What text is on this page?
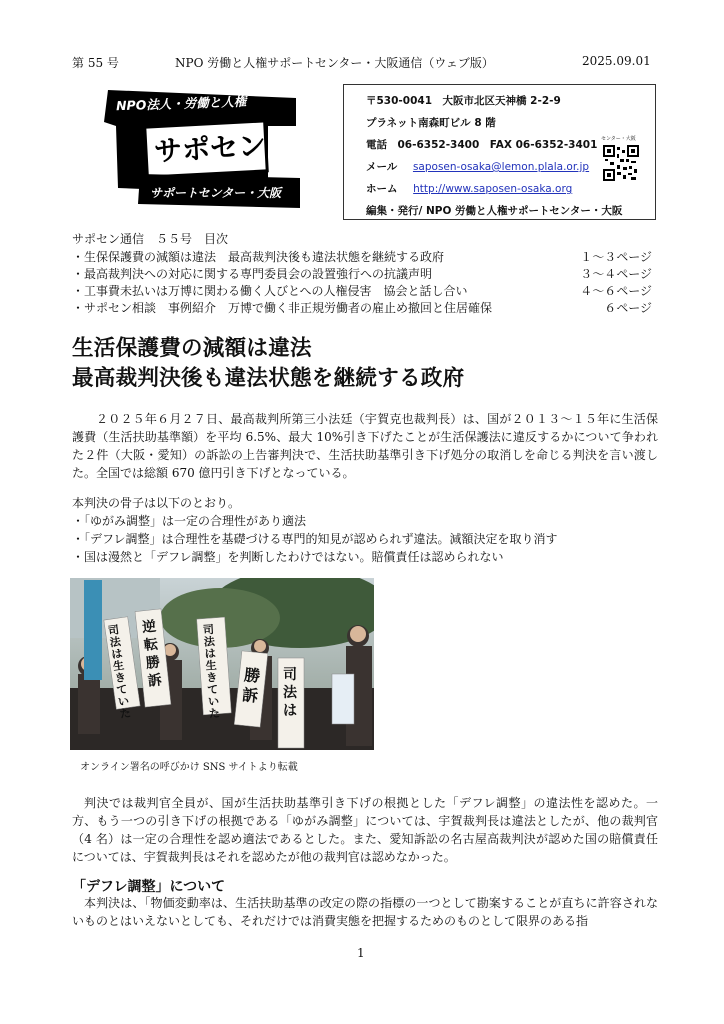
第 55 号	NPO 労働と人権サポートセンター・大阪通信（ウェブ版）	2025.09.01
NPO法人・労働と人権
サポセン
サポートセンター・大阪
〒530-0041　大阪市北区天神橋 2-2-9
プラネット南森町ビル 8 階
電話　06-6352-3400　FAX 06-6352-3401
メール saposen-osaka@lemon.plala.or.jp
ホーム http://www.saposen-osaka.org
編集・発行/ NPO 労働と人権サポートセンター・大阪
センター・大阪
サポセン通信　５５号　目次
・生保保護費の減額は違法　最高裁判決後も違法状態を継続する政府	１～３ページ
・最高裁判決への対応に関する専門委員会の設置強行への抗議声明	３～４ページ
・工事費未払いは万博に関わる働く人びとへの人権侵害　協会と話し合い	４～６ページ
・サポセン相談　事例紹介　万博で働く非正規労働者の雇止め撤回と住居確保	６ページ
生活保護費の減額は違法
最高裁判決後も違法状態を継続する政府
２０２５年６月２７日、最高裁判所第三小法廷（宇賀克也裁判長）は、国が２０１３～１５年に生活保護費（生活扶助基準額）を平均 6.5%、最大 10%引き下げたことが生活保護法に違反するかについて争われた２件（大阪・愛知）の訴訟の上告審判決で、生活扶助基準引き下げ処分の取消しを命じる判決を言い渡した。全国では総額 670 億円引き下げとなっている。
本判決の骨子は以下のとおり。
・「ゆがみ調整」は一定の合理性があり適法
・「デフレ調整」は合理性を基礎づける専門的知見が認められず違法。減額決定を取り消す
・国は漫然と「デフレ調整」を判断したわけではない。賠償責任は認められない
司法は生きていた
逆転勝訴
司法は生きていた
勝訴
司法は
オンライン署名の呼びかけ SNS サイトより転載
判決では裁判官全員が、国が生活扶助基準引き下げの根拠とした「デフレ調整」の違法性を認めた。一方、もう一つの引き下げの根拠である「ゆがみ調整」については、宇賀裁判長は違法としたが、他の裁判官（4 名）は一定の合理性を認め適法であるとした。また、愛知訴訟の名古屋高裁判決が認めた国の賠償責任については、宇賀裁判長はそれを認めたが他の裁判官は認めなかった。
「デフレ調整」について
本判決は、「物価変動率は、生活扶助基準の改定の際の指標の一つとして勘案することが直ちに許容されないものとはいえないとしても、それだけでは消費実態を把握するためのものとして限界のある指
1
